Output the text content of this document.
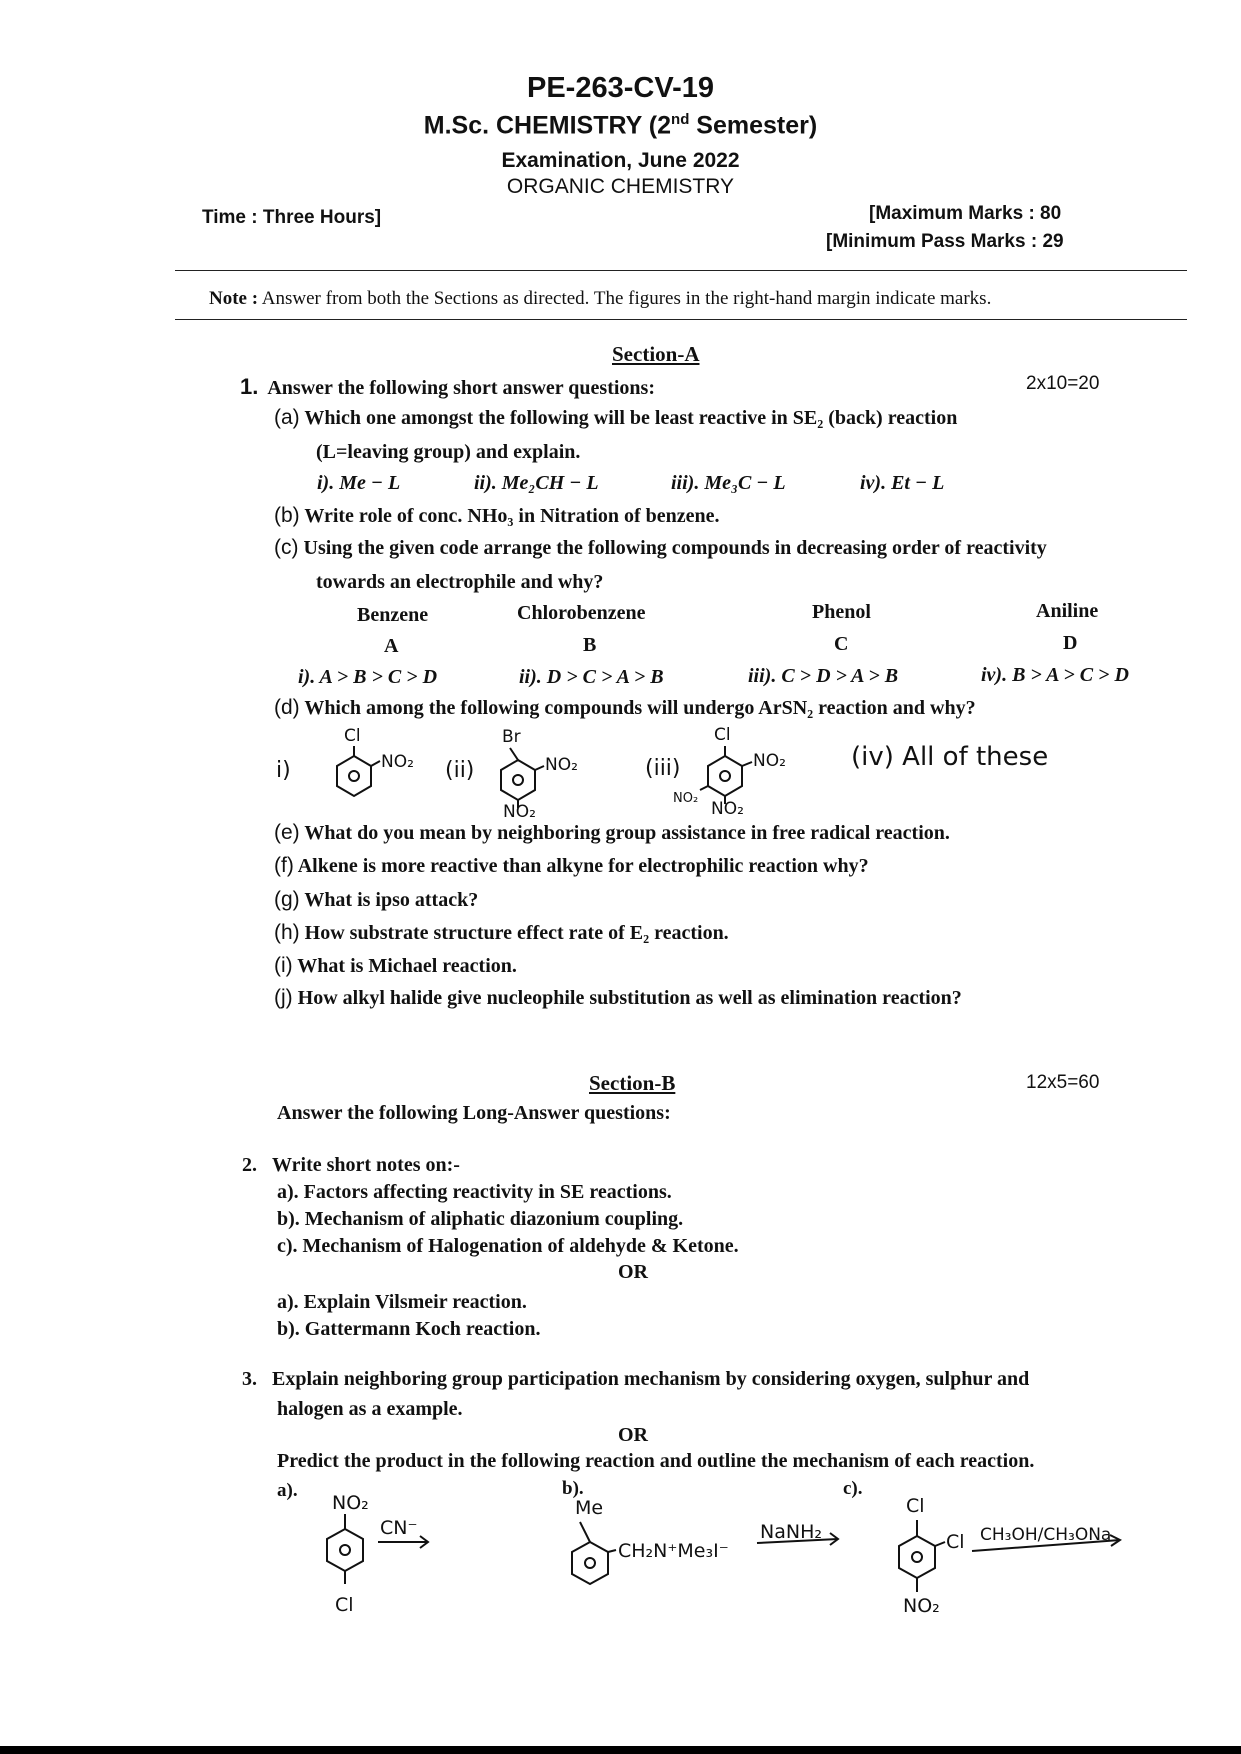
PE-263-CV-19
M.Sc. CHEMISTRY (2nd Semester)
Examination, June 2022
ORGANIC CHEMISTRY
Time : Three Hours]	[Maximum Marks : 80
[Minimum Pass Marks : 29
Note : Answer from both the Sections as directed. The figures in the right-hand margin indicate marks.
Section-A
1. Answer the following short answer questions:	2x10=20
(a) Which one amongst the following will be least reactive in SE₂ (back) reaction
(L=leaving group) and explain.
i). Me − L	ii). Me₂CH − L	iii). Me₃C − L	iv). Et − L
(b) Write role of conc. NHo₃ in Nitration of benzene.
(c) Using the given code arrange the following compounds in decreasing order of reactivity
towards an electrophile and why?
Benzene	Chlorobenzene	Phenol	Aniline
A	B	C	D
i). A > B > C > D	ii). D > C > A > B	iii). C > D > A > B	iv). B > A > C > D
(d) Which among the following compounds will undergo ArSN₂ reaction and why?
i)	(ii)	(iii)	(iv) All of these
Cl
NO₂
Br
NO₂
NO₂
Cl
NO₂
NO₂
NO₂
(e) What do you mean by neighboring group assistance in free radical reaction.
(f) Alkene is more reactive than alkyne for electrophilic reaction why?
(g) What is ipso attack?
(h) How substrate structure effect rate of E₂ reaction.
(i) What is Michael reaction.
(j) How alkyl halide give nucleophile substitution as well as elimination reaction?
Section-B	12x5=60
Answer the following Long-Answer questions:
2. Write short notes on:-
a). Factors affecting reactivity in SE reactions.
b). Mechanism of aliphatic diazonium coupling.
c). Mechanism of Halogenation of aldehyde & Ketone.
OR
a). Explain Vilsmeir reaction.
b). Gattermann Koch reaction.
3. Explain neighboring group participation mechanism by considering oxygen, sulphur and
halogen as a example.
OR
Predict the product in the following reaction and outline the mechanism of each reaction.
a).	b).	c).
NO₂
CN⁻
Cl
Me
CH₂N⁺Me₃I⁻
NaNH₂
Cl
Cl CH₃OH/CH₃ONa
NO₂
